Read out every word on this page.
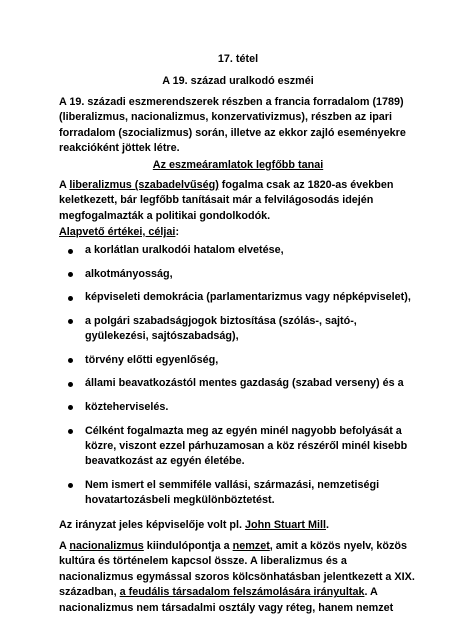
17. tétel

A 19. század uralkodó eszméi

A 19. századi eszmerendszerek részben a francia forradalom (1789) (liberalizmus, nacionalizmus, konzervativizmus), részben az ipari forradalom (szocializmus) során, illetve az ekkor zajló eseményekre reakcióként jöttek létre.

Az eszmeáramlatok legfőbb tanai

A liberalizmus (szabadelvűség) fogalma csak az 1820-as években keletkezett, bár legfőbb tanításait már a felvilágosodás idején megfogalmazták a politikai gondolkodók.

Alapvető értékei, céljai:

a korlátlan uralkodói hatalom elvetése,
alkotmányosság,
képviseleti demokrácia (parlamentarizmus vagy népképviselet),
a polgári szabadságjogok biztosítása (szólás-, sajtó-, gyülekezési, sajtószabadság),
törvény előtti egyenlőség,
állami beavatkozástól mentes gazdaság (szabad verseny) és a
közteherviselés.
Célként fogalmazta meg az egyén minél nagyobb befolyását a közre, viszont ezzel párhuzamosan a köz részéről minél kisebb beavatkozást az egyén életébe.
Nem ismert el semmiféle vallási, származási, nemzetiségi hovatartozásbeli megkülönböztetést.

Az irányzat jeles képviselője volt pl. John Stuart Mill.

A nacionalizmus kiindulópontja a nemzet, amit a közös nyelv, közös kultúra és történelem kapcsol össze. A liberalizmus és a nacionalizmus egymással szoros kölcsönhatásban jelentkezett a XIX. században, a feudális társadalom felszámolására irányultak. A nacionalizmus nem társadalmi osztály vagy réteg, hanem nemzet
